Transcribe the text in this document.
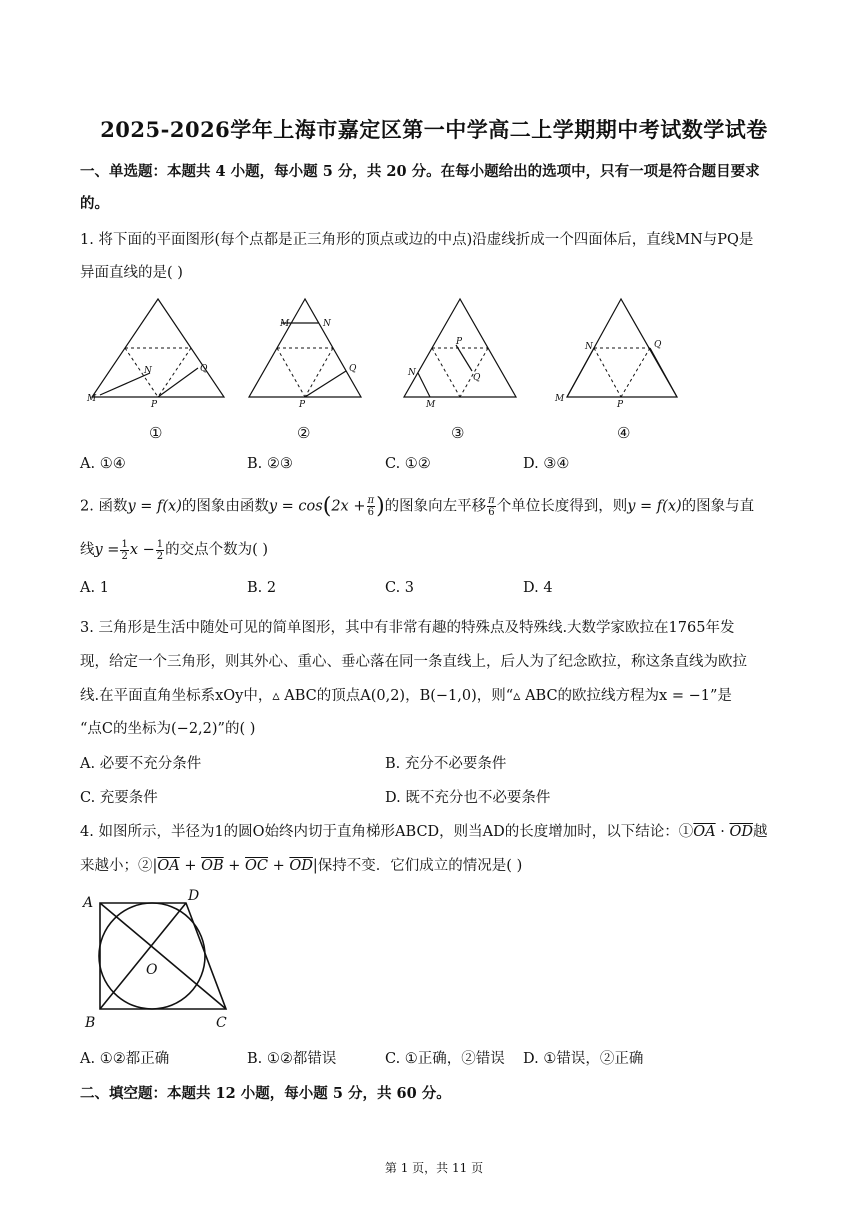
2025-2026学年上海市嘉定区第一中学高二上学期期中考试数学试卷
一、单选题：本题共 4 小题，每小题 5 分，共 20 分。在每小题给出的选项中，只有一项是符合题目要求
的。
1. 将下面的平面图形(每个点都是正三角形的顶点或边的中点)沿虚线折成一个四面体后，直线MN与PQ是
异面直线的是( )
M
N
P
Q
M	N
P
Q	N
M
P
Q
M
N
P
Q
①	②	③	④
A. ①④	B. ②③	C. ①②	D. ③④
2. 函数y = f(x)的图象由函数$y = \cos(2x + \frac{\pi}{6}$ )的图象向左平移 $\frac{\pi}{6}$ 个单位长度得到，则y = f(x)的图象与直
线$y = \frac{1}{2}$ $x - \frac{1}{2}$ 的交点个数为( )
A. 1	B. 2	C. 3	D. 4
3. 三角形是生活中随处可见的简单图形，其中有非常有趣的特殊点及特殊线.大数学家欧拉在1765年发
现，给定一个三角形，则其外心、重心、垂心落在同一条直线上，后人为了纪念欧拉，称这条直线为欧拉
线.在平面直角坐标系xOy中，▵ ABC的顶点A(0,2)，B(−1,0)，则“▵ ABC的欧拉线方程为x = −1”是
“点C的坐标为(−2,2)”的( )
A. 必要不充分条件	B. 充分不必要条件
C. 充要条件	D. 既不充分也不必要条件
4. 如图所示，半径为1的圆O始终内切于直角梯形ABCD，则当AD的长度增加时，以下结论：$①\overline{OA} \cdot \overline{OD}$越
来越小；$②|\overline{OA} + \overline{OB} + \overline{OC} + \overline{OD}|$保持不变．它们成立的情况是( )
A	D
O
B	C
A. ①②都正确	B. ①②都错误	C. ①正确，②错误 D. ①错误，②正确
二、填空题：本题共 12 小题，每小题 5 分，共 60 分。
第 1 页，共 11 页
